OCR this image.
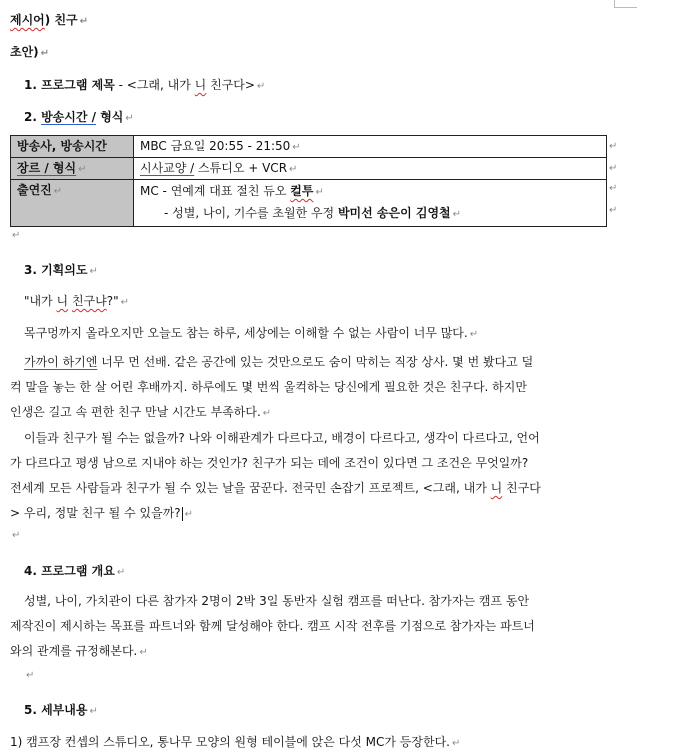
제시어) 친구 ↵
초안) ↵
1. 프로그램 제목 - <그래, 내가 니 친구다> ↵
2. 방송시간 / 형식 ↵
방송사, 방송시간	MBC 금요일 20:55 - 21:50 ↵
장르 / 형식 ↵	시사교양 / 스튜디오 + VCR ↵
출연진 ↵	MC - 연예계 대표 절친 듀오 컬투 ↵
- 성별, 나이, 기수를 초월한 우정 박미선 송은이 김영철 ↵
↵
↵
↵
↵
↵
3. 기획의도 ↵
"내가 니 친구냐?" ↵
목구멍까지 올라오지만 오늘도 참는 하루, 세상에는 이해할 수 없는 사람이 너무 많다. ↵
가까이 하기엔 너무 먼 선배. 같은 공간에 있는 것만으로도 숨이 막히는 직장 상사. 몇 번 봤다고 덜
컥 말을 놓는 한 살 어린 후배까지. 하루에도 몇 번씩 울컥하는 당신에게 필요한 것은 친구다. 하지만
인생은 길고 속 편한 친구 만날 시간도 부족하다. ↵
이들과 친구가 될 수는 없을까? 나와 이해관계가 다르다고, 배경이 다르다고, 생각이 다르다고, 언어
가 다르다고 평생 남으로 지내야 하는 것인가? 친구가 되는 데에 조건이 있다면 그 조건은 무엇일까?
전세계 모든 사람들과 친구가 될 수 있는 날을 꿈꾼다. 전국민 손잡기 프로젝트, <그래, 내가 니 친구다
> 우리, 정말 친구 될 수 있을까? ↵
↵
4. 프로그램 개요 ↵
성별, 나이, 가치관이 다른 참가자 2명이 2박 3일 동반자 실험 캠프를 떠난다. 참가자는 캠프 동안
제작진이 제시하는 목표를 파트너와 함께 달성해야 한다. 캠프 시작 전후를 기점으로 참가자는 파트너
와의 관계를 규정해본다. ↵
↵
5. 세부내용 ↵
1) 캠프장 컨셉의 스튜디오, 통나무 모양의 원형 테이블에 앉은 다섯 MC가 등장한다. ↵
